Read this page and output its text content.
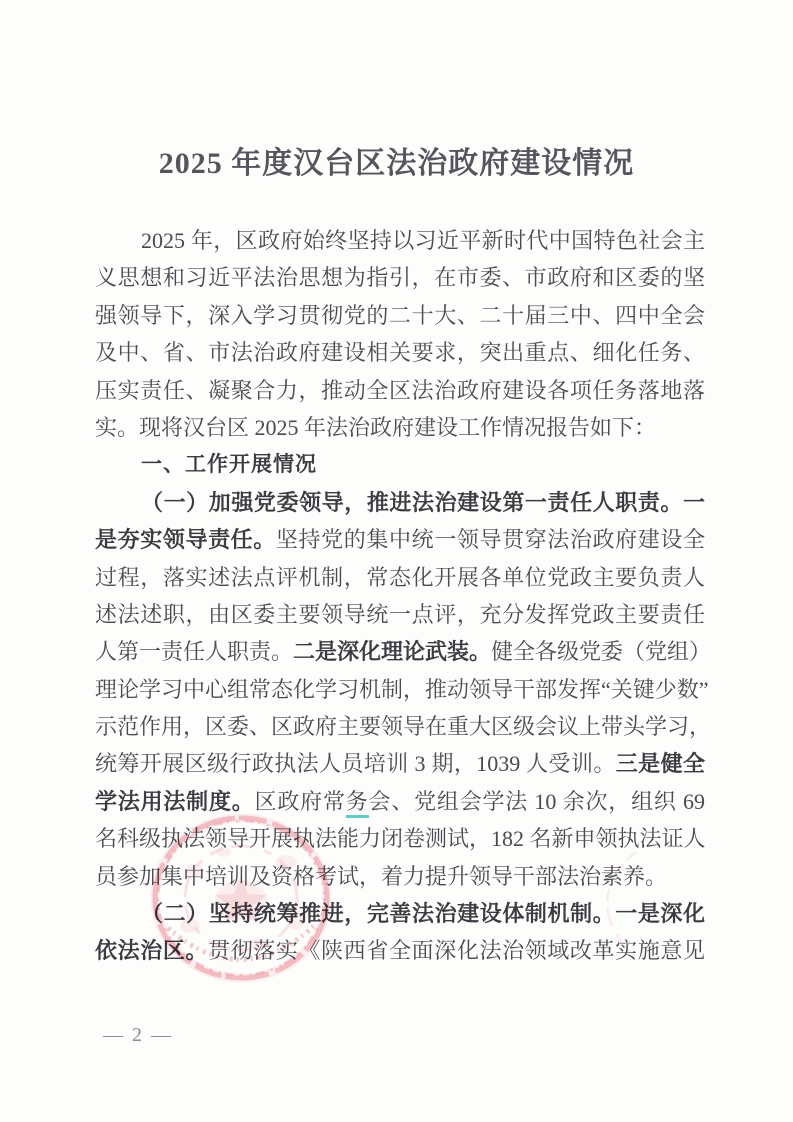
2025 年度汉台区法治政府建设情况
2025 年，区政府始终坚持以习近平新时代中国特色社会主
义思想和习近平法治思想为指引，在市委、市政府和区委的坚
强领导下，深入学习贯彻党的二十大、二十届三中、四中全会
及中、省、市法治政府建设相关要求，突出重点、细化任务、
压实责任、凝聚合力，推动全区法治政府建设各项任务落地落
实。现将汉台区 2025 年法治政府建设工作情况报告如下：
一、工作开展情况
（一）加强党委领导，推进法治建设第一责任人职责。一
是夯实领导责任。坚持党的集中统一领导贯穿法治政府建设全
过程，落实述法点评机制，常态化开展各单位党政主要负责人
述法述职，由区委主要领导统一点评，充分发挥党政主要责任
人第一责任人职责。二是深化理论武装。健全各级党委（党组）
理论学习中心组常态化学习机制，推动领导干部发挥“关键少数”
示范作用，区委、区政府主要领导在重大区级会议上带头学习，
统筹开展区级行政执法人员培训 3 期，1039 人受训。三是健全
学法用法制度。区政府常务会、党组会学法 10 余次，组织 69
名科级执法领导开展执法能力闭卷测试，182 名新申领执法证人
员参加集中培训及资格考试，着力提升领导干部法治素养。
（二）坚持统筹推进，完善法治建设体制机制。一是深化
依法治区。贯彻落实《陕西省全面深化法治领域改革实施意见
— 2 —
